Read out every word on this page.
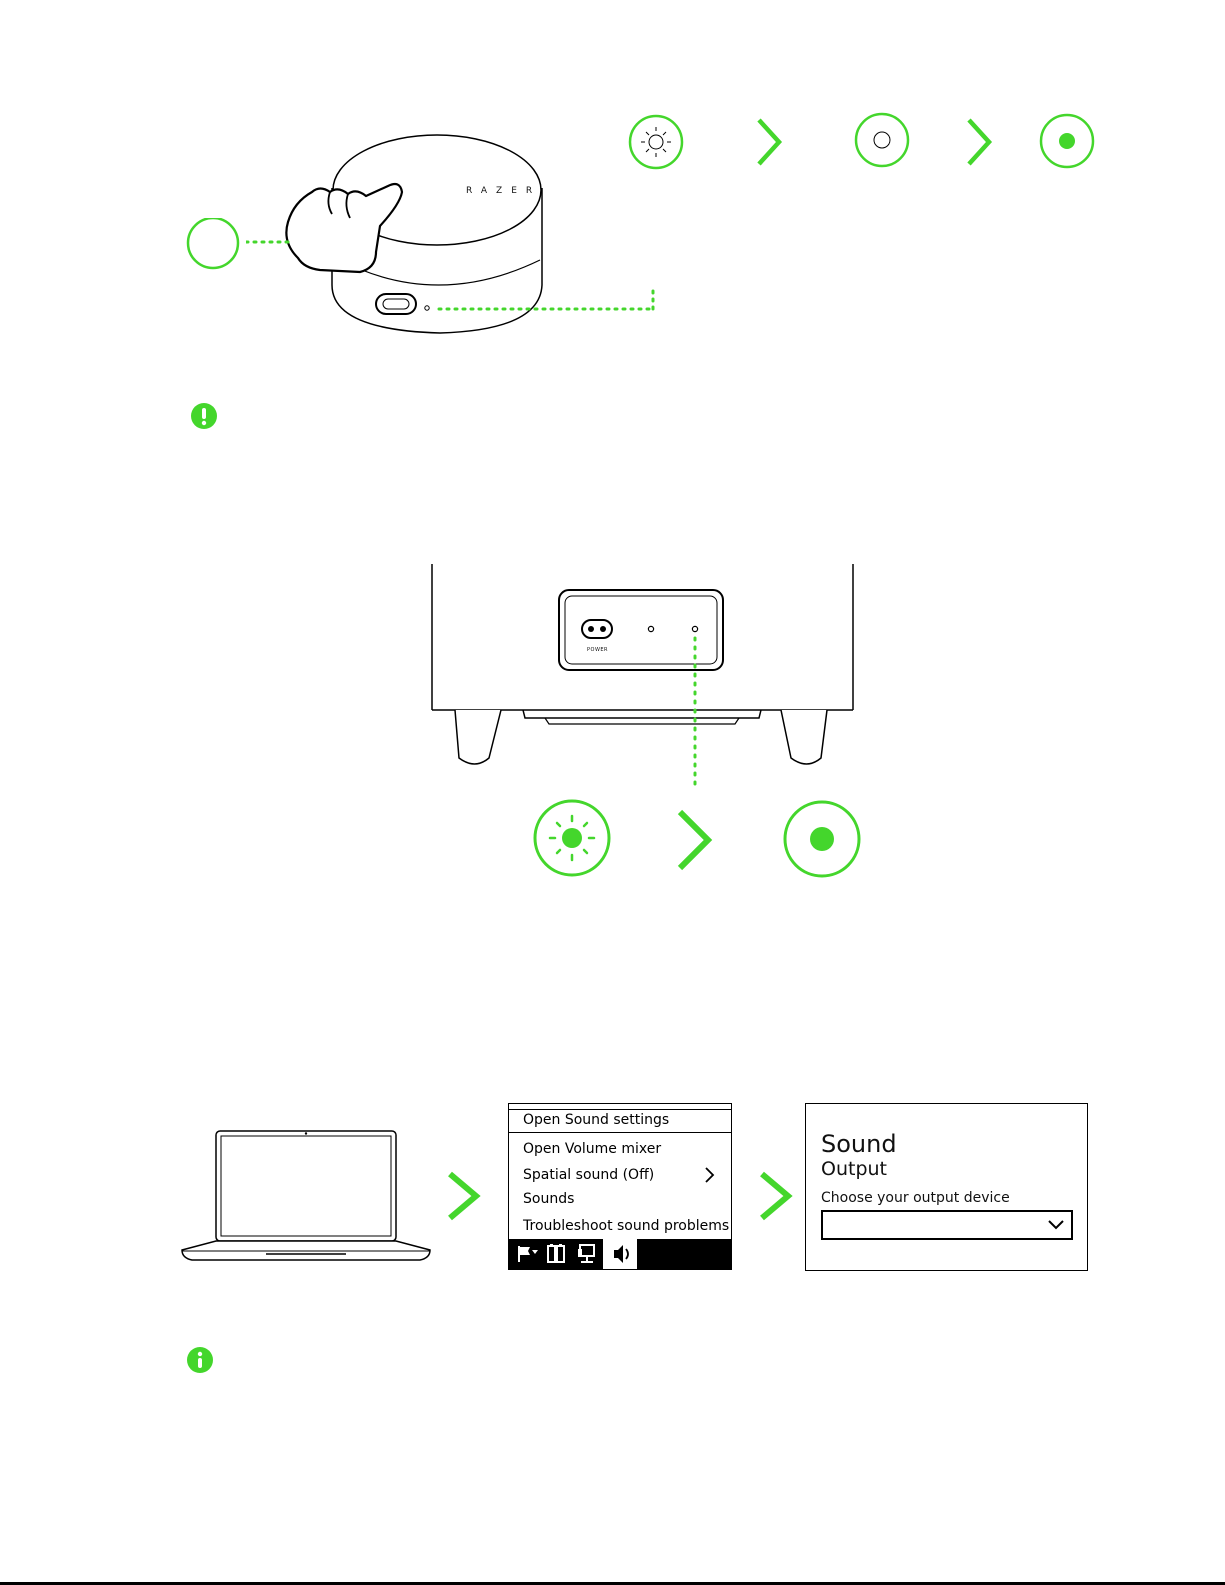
RAZER
POWER
Open Sound settings
Open Volume mixer
Spatial sound (Off)
Sounds
Troubleshoot sound problems
Sound
Output
Choose your output device
